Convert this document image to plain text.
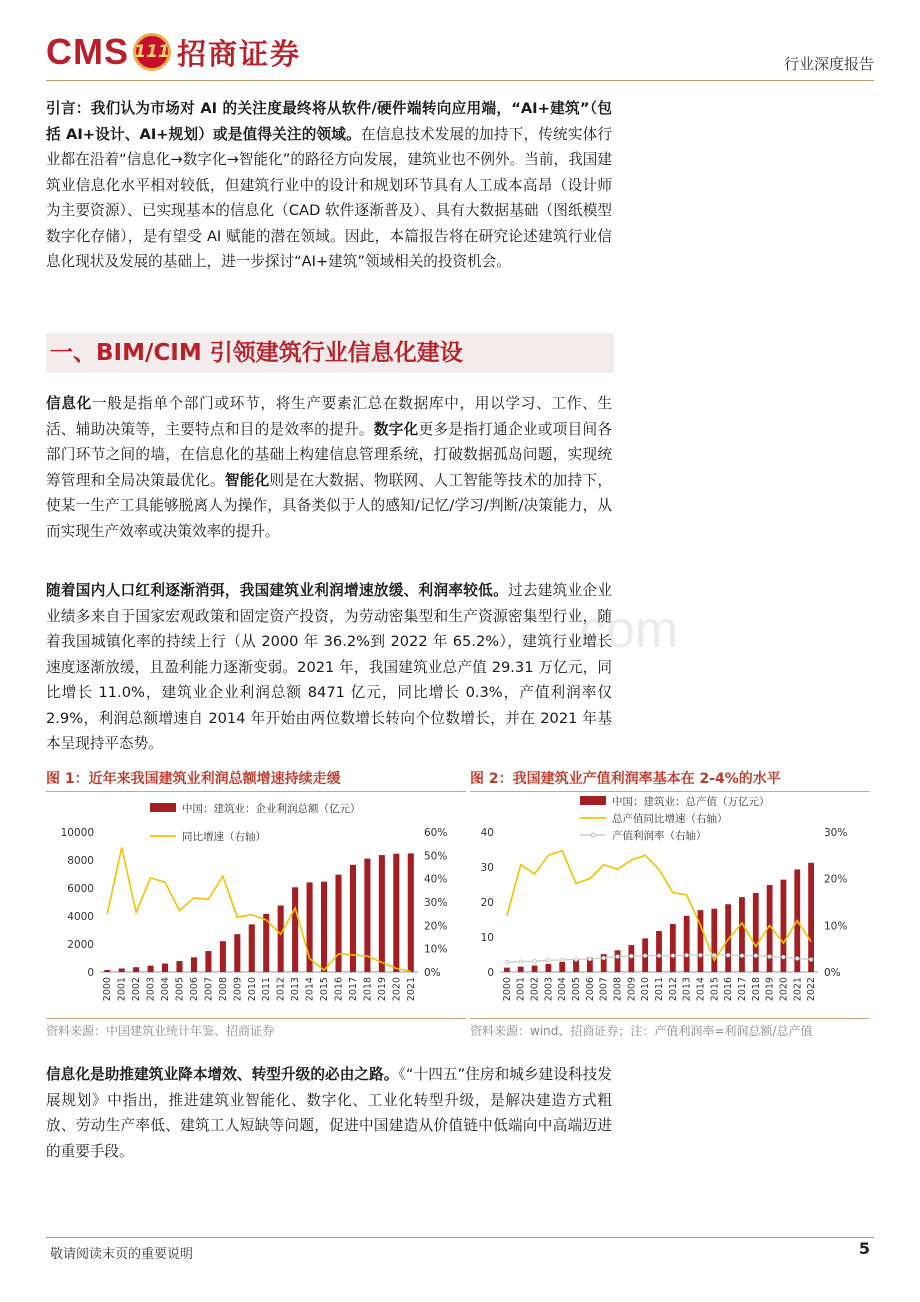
CMS 111 招商证券	行业深度报告

引言：我们认为市场对 AI 的关注度最终将从软件/硬件端转向应用端，“AI+建筑”（包括 AI+设计、AI+规划）或是值得关注的领域。在信息技术发展的加持下，传统实体行业都在沿着“信息化→数字化→智能化”的路径方向发展，建筑业也不例外。当前，我国建筑业信息化水平相对较低，但建筑行业中的设计和规划环节具有人工成本高昂（设计师为主要资源）、已实现基本的信息化（CAD 软件逐渐普及）、具有大数据基础（图纸模型数字化存储），是有望受 AI 赋能的潜在领域。因此，本篇报告将在研究论述建筑行业信息化现状及发展的基础上，进一步探讨“AI+建筑”领域相关的投资机会。

一、BIM/CIM 引领建筑行业信息化建设

信息化一般是指单个部门或环节，将生产要素汇总在数据库中，用以学习、工作、生活、辅助决策等，主要特点和目的是效率的提升。数字化更多是指打通企业或项目间各部门环节之间的墙，在信息化的基础上构建信息管理系统，打破数据孤岛问题，实现统筹管理和全局决策最优化。智能化则是在大数据、物联网、人工智能等技术的加持下，使某一生产工具能够脱离人为操作，具备类似于人的感知/记忆/学习/判断/决策能力，从而实现生产效率或决策效率的提升。

随着国内人口红利逐渐消弭，我国建筑业利润增速放缓、利润率较低。过去建筑业企业业绩多来自于国家宏观政策和固定资产投资，为劳动密集型和生产资源密集型行业，随着我国城镇化率的持续上行（从 2000 年 36.2%到 2022 年 65.2%），建筑行业增长速度逐渐放缓，且盈利能力逐渐变弱。2021 年，我国建筑业总产值 29.31 万亿元，同比增长 11.0%，建筑业企业利润总额 8471 亿元，同比增长 0.3%，产值利润率仅 2.9%，利润总额增速自 2014 年开始由两位数增长转向个位数增长，并在 2021 年基本呈现持平态势。

com
图 1：近年来我国建筑业利润总额增速持续走缓	图 2：我国建筑业产值利润率基本在 2-4%的水平
0
2000
4000
6000
8000
10000
0%
10%
20%
30%
40%
50%
60%
2000 2001 2002 2003 2004 2005 2006 2007 2008 2009 2010 2011 2012 2013 2014 2015 2016 2017 2018 2019 2020 2021
中国：建筑业：企业利润总额（亿元）
同比增速（右轴）
0
10
20
30
40
0%
10%
20%
30%
2000 2001 2002 2003 2004 2005 2006 2007 2008 2009 2010 2011 2012 2013 2014 2015 2016 2017 2018 2019 2020 2021 2022
中国：建筑业：总产值（万亿元）
总产值同比增速（右轴）
产值利润率（右轴）
资料来源：中国建筑业统计年鉴、招商证券	资料来源：wind、招商证券；注：产值利润率=利润总额/总产值

信息化是助推建筑业降本增效、转型升级的必由之路。《“十四五”住房和城乡建设科技发展规划》中指出，推进建筑业智能化、数字化、工业化转型升级，是解决建造方式粗放、劳动生产率低、建筑工人短缺等问题，促进中国建造从价值链中低端向中高端迈进的重要手段。

敬请阅读末页的重要说明	5
